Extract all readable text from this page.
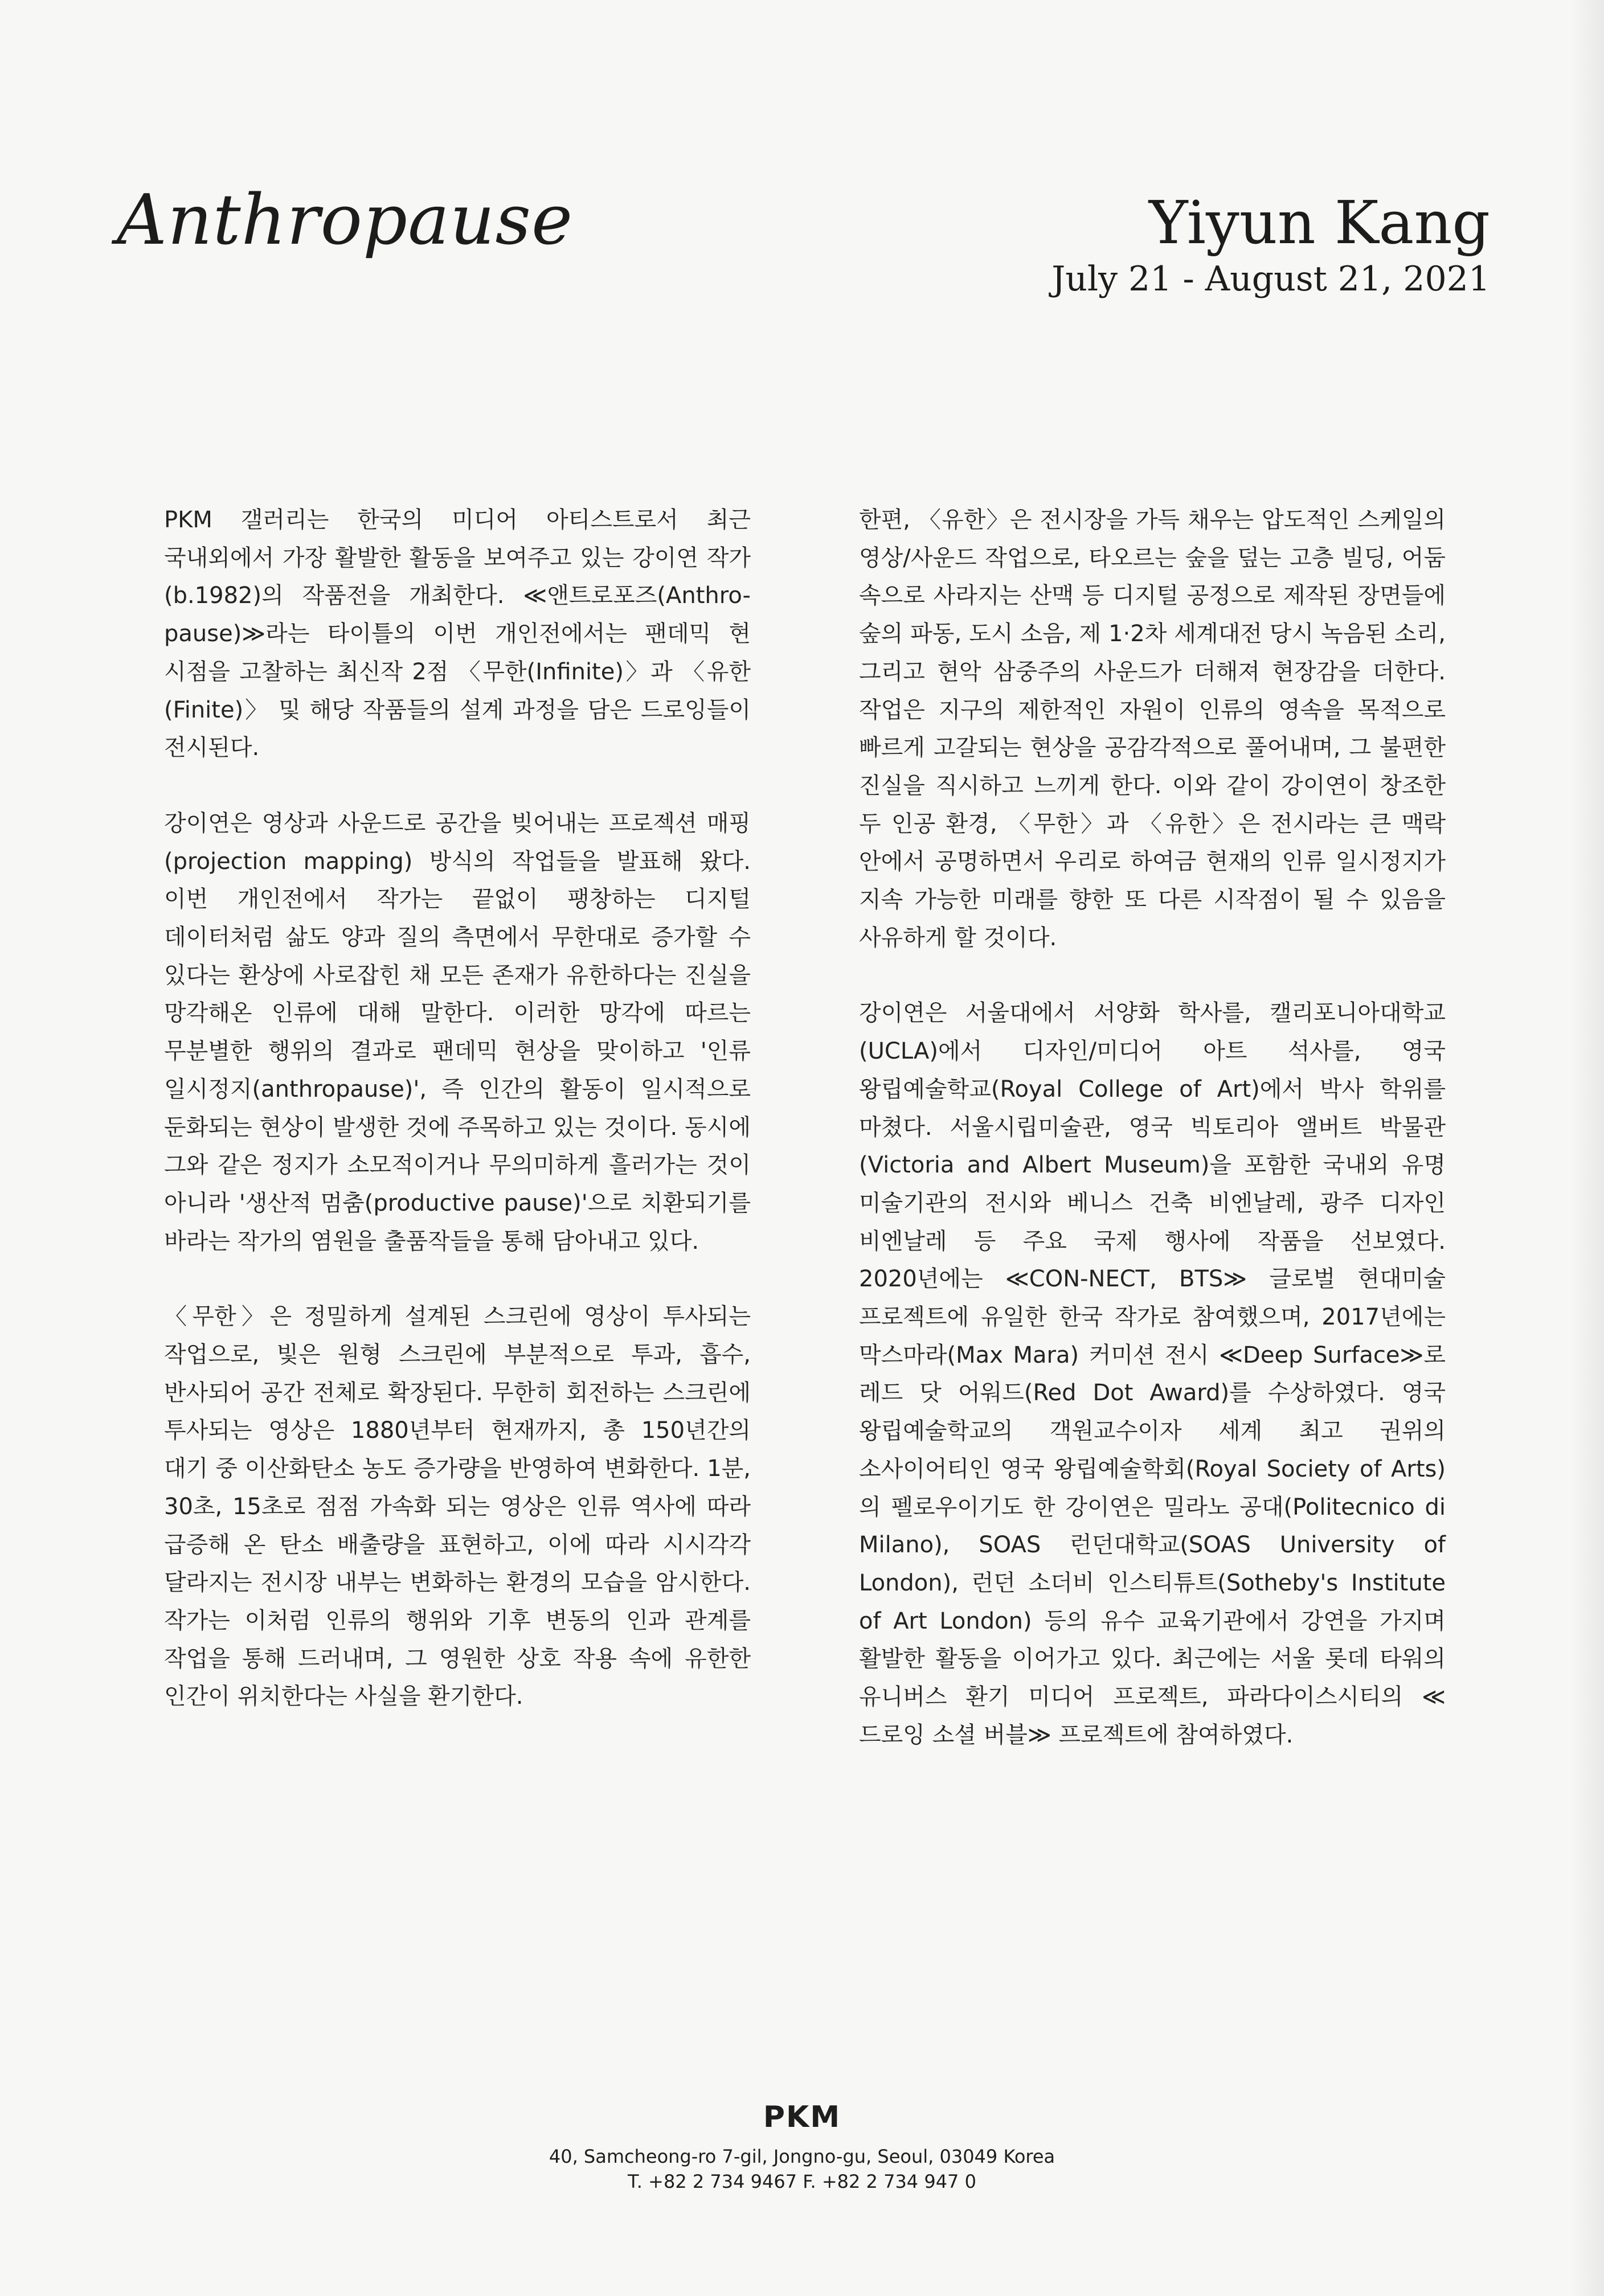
Anthropause	Yiyun Kang
July 21 - August 21, 2021

PKM 갤러리는 한국의 미디어 아티스트로서 최근 국내외에서 가장 활발한 활동을 보여주고 있는 강이연 작가(b.1982)의 작품전을 개최한다. ≪앤트로포즈(Anthro-pause)≫라는 타이틀의 이번 개인전에서는 팬데믹 현 시점을 고찰하는 최신작 2점 〈무한(Infinite)〉과 〈유한(Finite)〉 및 해당 작품들의 설계 과정을 담은 드로잉들이 전시된다.

강이연은 영상과 사운드로 공간을 빚어내는 프로젝션 매핑(projection mapping) 방식의 작업들을 발표해 왔다. 이번 개인전에서 작가는 끝없이 팽창하는 디지털 데이터처럼 삶도 양과 질의 측면에서 무한대로 증가할 수 있다는 환상에 사로잡힌 채 모든 존재가 유한하다는 진실을 망각해온 인류에 대해 말한다. 이러한 망각에 따르는 무분별한 행위의 결과로 팬데믹 현상을 맞이하고 '인류 일시정지(anthropause)', 즉 인간의 활동이 일시적으로 둔화되는 현상이 발생한 것에 주목하고 있는 것이다. 동시에 그와 같은 정지가 소모적이거나 무의미하게 흘러가는 것이 아니라 '생산적 멈춤(productive pause)'으로 치환되기를 바라는 작가의 염원을 출품작들을 통해 담아내고 있다.

〈무한〉은 정밀하게 설계된 스크린에 영상이 투사되는 작업으로, 빛은 원형 스크린에 부분적으로 투과, 흡수, 반사되어 공간 전체로 확장된다. 무한히 회전하는 스크린에 투사되는 영상은 1880년부터 현재까지, 총 150년간의 대기 중 이산화탄소 농도 증가량을 반영하여 변화한다. 1분, 30초, 15초로 점점 가속화 되는 영상은 인류 역사에 따라 급증해 온 탄소 배출량을 표현하고, 이에 따라 시시각각 달라지는 전시장 내부는 변화하는 환경의 모습을 암시한다. 작가는 이처럼 인류의 행위와 기후 변동의 인과 관계를 작업을 통해 드러내며, 그 영원한 상호 작용 속에 유한한 인간이 위치한다는 사실을 환기한다.

한편, 〈유한〉은 전시장을 가득 채우는 압도적인 스케일의 영상/사운드 작업으로, 타오르는 숲을 덮는 고층 빌딩, 어둠 속으로 사라지는 산맥 등 디지털 공정으로 제작된 장면들에 숲의 파동, 도시 소음, 제 1·2차 세계대전 당시 녹음된 소리, 그리고 현악 삼중주의 사운드가 더해져 현장감을 더한다. 작업은 지구의 제한적인 자원이 인류의 영속을 목적으로 빠르게 고갈되는 현상을 공감각적으로 풀어내며, 그 불편한 진실을 직시하고 느끼게 한다. 이와 같이 강이연이 창조한 두 인공 환경, 〈무한〉과 〈유한〉은 전시라는 큰 맥락 안에서 공명하면서 우리로 하여금 현재의 인류 일시정지가 지속 가능한 미래를 향한 또 다른 시작점이 될 수 있음을 사유하게 할 것이다.

강이연은 서울대에서 서양화 학사를, 캘리포니아대학교(UCLA)에서 디자인/미디어 아트 석사를, 영국 왕립예술학교(Royal College of Art)에서 박사 학위를 마쳤다. 서울시립미술관, 영국 빅토리아 앨버트 박물관(Victoria and Albert Museum)을 포함한 국내외 유명 미술기관의 전시와 베니스 건축 비엔날레, 광주 디자인 비엔날레 등 주요 국제 행사에 작품을 선보였다. 2020년에는 ≪CON-NECT, BTS≫ 글로벌 현대미술 프로젝트에 유일한 한국 작가로 참여했으며, 2017년에는 막스마라(Max Mara) 커미션 전시 ≪Deep Surface≫로 레드 닷 어워드(Red Dot Award)를 수상하였다. 영국 왕립예술학교의 객원교수이자 세계 최고 권위의 소사이어티인 영국 왕립예술학회(Royal Society of Arts)의 펠로우이기도 한 강이연은 밀라노 공대(Politecnico di Milano), SOAS 런던대학교(SOAS University of London), 런던 소더비 인스티튜트(Sotheby's Institute of Art London) 등의 유수 교육기관에서 강연을 가지며 활발한 활동을 이어가고 있다. 최근에는 서울 롯데 타워의 유니버스 환기 미디어 프로젝트, 파라다이스시티의 ≪드로잉 소셜 버블≫ 프로젝트에 참여하였다.

PKM
40, Samcheong-ro 7-gil, Jongno-gu, Seoul, 03049 Korea
T. +82 2 734 9467 F. +82 2 734 947 0
